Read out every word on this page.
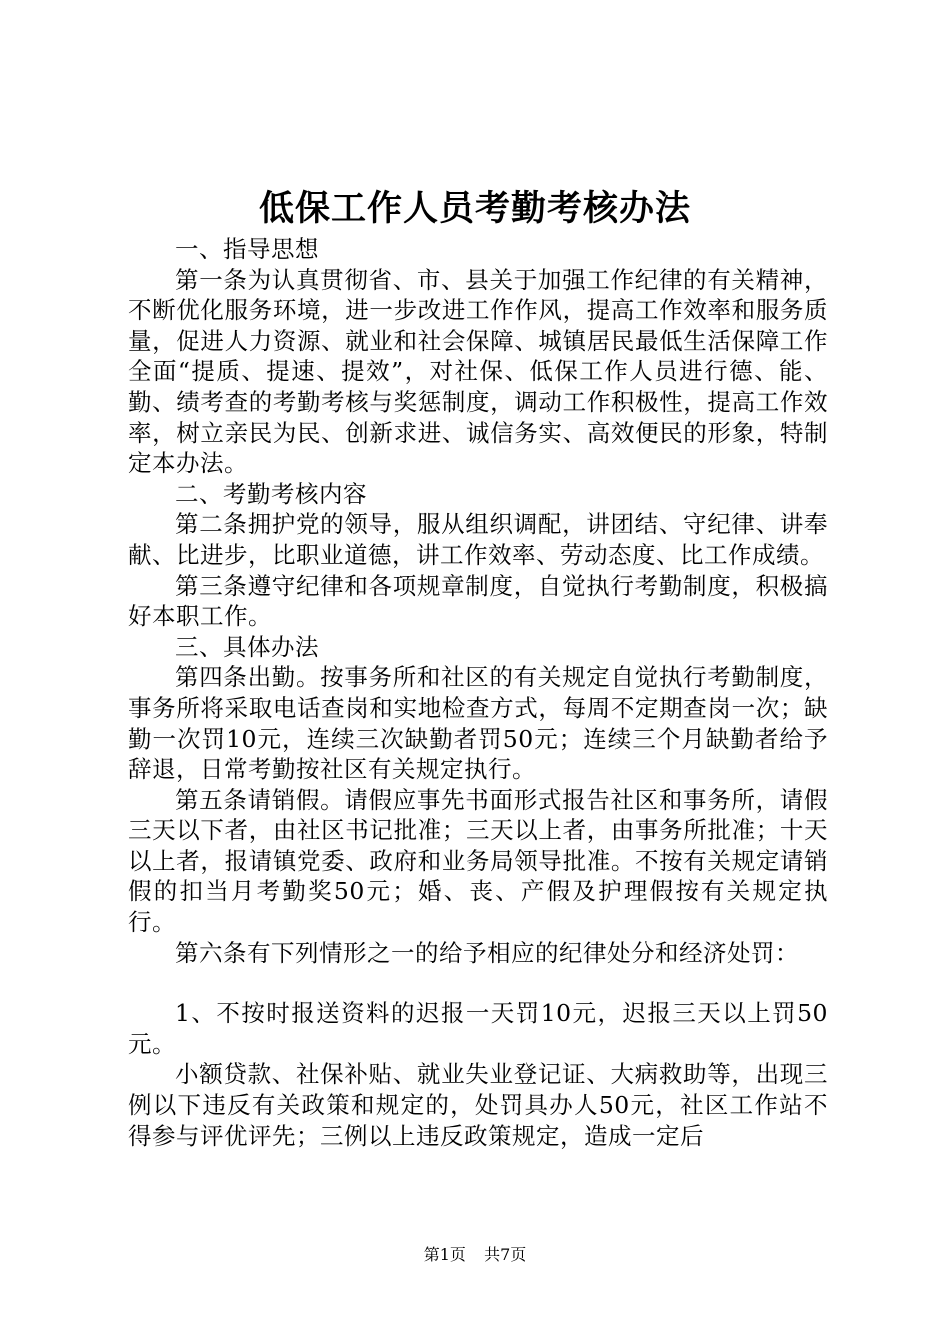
低保工作人员考勤考核办法

一、指导思想

第一条为认真贯彻省、市、县关于加强工作纪律的有关精神，不断优化服务环境，进一步改进工作作风，提高工作效率和服务质量，促进人力资源、就业和社会保障、城镇居民最低生活保障工作全面“提质、提速、提效”，对社保、低保工作人员进行德、能、勤、绩考查的考勤考核与奖惩制度，调动工作积极性，提高工作效率，树立亲民为民、创新求进、诚信务实、高效便民的形象，特制定本办法。

二、考勤考核内容

第二条拥护党的领导，服从组织调配，讲团结、守纪律、讲奉献、比进步，比职业道德，讲工作效率、劳动态度、比工作成绩。

第三条遵守纪律和各项规章制度，自觉执行考勤制度，积极搞好本职工作。

三、具体办法

第四条出勤。按事务所和社区的有关规定自觉执行考勤制度，事务所将采取电话查岗和实地检查方式，每周不定期查岗一次；缺勤一次罚10元，连续三次缺勤者罚50元；连续三个月缺勤者给予辞退，日常考勤按社区有关规定执行。

第五条请销假。请假应事先书面形式报告社区和事务所，请假三天以下者，由社区书记批准；三天以上者，由事务所批准；十天以上者，报请镇党委、政府和业务局领导批准。不按有关规定请销假的扣当月考勤奖50元；婚、丧、产假及护理假按有关规定执行。

第六条有下列情形之一的给予相应的纪律处分和经济处罚：

1、不按时报送资料的迟报一天罚10元，迟报三天以上罚50元。

小额贷款、社保补贴、就业失业登记证、大病救助等，出现三例以下违反有关政策和规定的，处罚具办人50元，社区工作站不得参与评优评先；三例以上违反政策规定，造成一定后

第1页 共7页
